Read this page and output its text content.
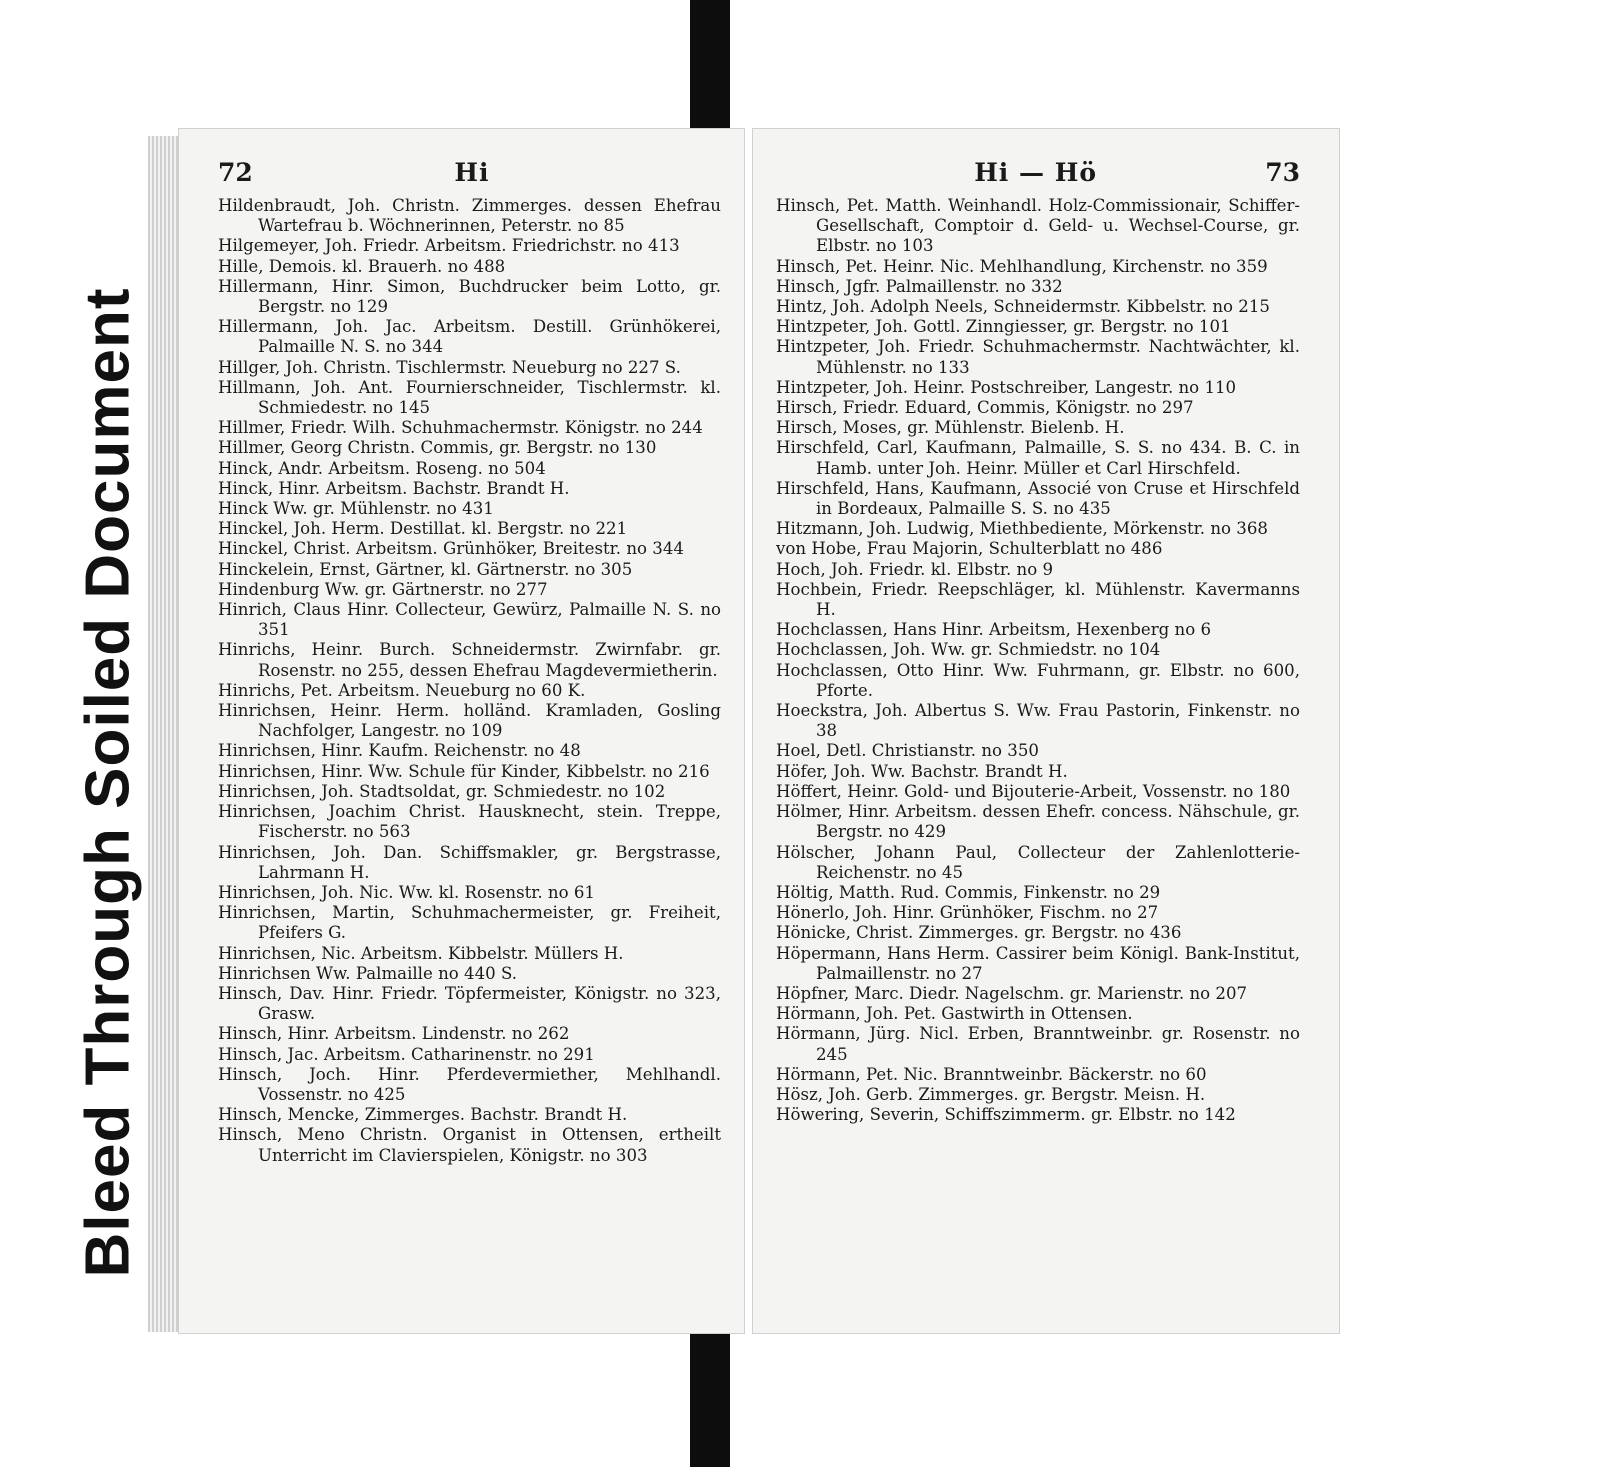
Bleed Through Soiled Document
72	Hi

Hildenbraudt, Joh. Christn. Zimmerges. dessen Ehefrau Wartefrau b. Wöchnerinnen, Peterstr. no 85

Hilgemeyer, Joh. Friedr. Arbeitsm. Friedrichstr. no 413

Hille, Demois. kl. Brauerh. no 488

Hillermann, Hinr. Simon, Buchdrucker beim Lotto, gr. Bergstr. no 129

Hillermann, Joh. Jac. Arbeitsm. Destill. Grünhökerei, Palmaille N. S. no 344

Hillger, Joh. Christn. Tischlermstr. Neueburg no 227 S.

Hillmann, Joh. Ant. Fournierschneider, Tischlermstr. kl. Schmiedestr. no 145

Hillmer, Friedr. Wilh. Schuhmachermstr. Königstr. no 244

Hillmer, Georg Christn. Commis, gr. Bergstr. no 130

Hinck, Andr. Arbeitsm. Roseng. no 504

Hinck, Hinr. Arbeitsm. Bachstr. Brandt H.

Hinck Ww. gr. Mühlenstr. no 431

Hinckel, Joh. Herm. Destillat. kl. Bergstr. no 221

Hinckel, Christ. Arbeitsm. Grünhöker, Breitestr. no 344

Hinckelein, Ernst, Gärtner, kl. Gärtnerstr. no 305

Hindenburg Ww. gr. Gärtnerstr. no 277

Hinrich, Claus Hinr. Collecteur, Gewürz, Palmaille N. S. no 351

Hinrichs, Heinr. Burch. Schneidermstr. Zwirnfabr. gr. Rosenstr. no 255, dessen Ehefrau Magdevermietherin.

Hinrichs, Pet. Arbeitsm. Neueburg no 60 K.

Hinrichsen, Heinr. Herm. holländ. Kramladen, Gosling Nachfolger, Langestr. no 109

Hinrichsen, Hinr. Kaufm. Reichenstr. no 48

Hinrichsen, Hinr. Ww. Schule für Kinder, Kibbelstr. no 216

Hinrichsen, Joh. Stadtsoldat, gr. Schmiedestr. no 102

Hinrichsen, Joachim Christ. Hausknecht, stein. Treppe, Fischerstr. no 563

Hinrichsen, Joh. Dan. Schiffsmakler, gr. Bergstrasse, Lahrmann H.

Hinrichsen, Joh. Nic. Ww. kl. Rosenstr. no 61

Hinrichsen, Martin, Schuhmachermeister, gr. Freiheit, Pfeifers G.

Hinrichsen, Nic. Arbeitsm. Kibbelstr. Müllers H.

Hinrichsen Ww. Palmaille no 440 S.

Hinsch, Dav. Hinr. Friedr. Töpfermeister, Königstr. no 323, Grasw.

Hinsch, Hinr. Arbeitsm. Lindenstr. no 262

Hinsch, Jac. Arbeitsm. Catharinenstr. no 291

Hinsch, Joch. Hinr. Pferdevermiether, Mehlhandl. Vossenstr. no 425

Hinsch, Mencke, Zimmerges. Bachstr. Brandt H.

Hinsch, Meno Christn. Organist in Ottensen, ertheilt Unterricht im Clavierspielen, Königstr. no 303

Hi — Hö	73

Hinsch, Pet. Matth. Weinhandl. Holz-Commissionair, Schiffer-Gesellschaft, Comptoir d. Geld- u. Wechsel-Course, gr. Elbstr. no 103

Hinsch, Pet. Heinr. Nic. Mehlhandlung, Kirchenstr. no 359

Hinsch, Jgfr. Palmaillenstr. no 332

Hintz, Joh. Adolph Neels, Schneidermstr. Kibbelstr. no 215

Hintzpeter, Joh. Gottl. Zinngiesser, gr. Bergstr. no 101

Hintzpeter, Joh. Friedr. Schuhmachermstr. Nachtwächter, kl. Mühlenstr. no 133

Hintzpeter, Joh. Heinr. Postschreiber, Langestr. no 110

Hirsch, Friedr. Eduard, Commis, Königstr. no 297

Hirsch, Moses, gr. Mühlenstr. Bielenb. H.

Hirschfeld, Carl, Kaufmann, Palmaille, S. S. no 434. B. C. in Hamb. unter Joh. Heinr. Müller et Carl Hirschfeld.

Hirschfeld, Hans, Kaufmann, Associé von Cruse et Hirschfeld in Bordeaux, Palmaille S. S. no 435

Hitzmann, Joh. Ludwig, Miethbediente, Mörkenstr. no 368

von Hobe, Frau Majorin, Schulterblatt no 486

Hoch, Joh. Friedr. kl. Elbstr. no 9

Hochbein, Friedr. Reepschläger, kl. Mühlenstr. Kavermanns H.

Hochclassen, Hans Hinr. Arbeitsm, Hexenberg no 6

Hochclassen, Joh. Ww. gr. Schmiedstr. no 104

Hochclassen, Otto Hinr. Ww. Fuhrmann, gr. Elbstr. no 600, Pforte.

Hoeckstra, Joh. Albertus S. Ww. Frau Pastorin, Finkenstr. no 38

Hoel, Detl. Christianstr. no 350

Höfer, Joh. Ww. Bachstr. Brandt H.

Höffert, Heinr. Gold- und Bijouterie-Arbeit, Vossenstr. no 180

Hölmer, Hinr. Arbeitsm. dessen Ehefr. concess. Nähschule, gr. Bergstr. no 429

Hölscher, Johann Paul, Collecteur der Zahlenlotterie-Reichenstr. no 45

Höltig, Matth. Rud. Commis, Finkenstr. no 29

Hönerlo, Joh. Hinr. Grünhöker, Fischm. no 27

Hönicke, Christ. Zimmerges. gr. Bergstr. no 436

Höpermann, Hans Herm. Cassirer beim Königl. Bank-Institut, Palmaillenstr. no 27

Höpfner, Marc. Diedr. Nagelschm. gr. Marienstr. no 207

Hörmann, Joh. Pet. Gastwirth in Ottensen.

Hörmann, Jürg. Nicl. Erben, Branntweinbr. gr. Rosenstr. no 245

Hörmann, Pet. Nic. Branntweinbr. Bäckerstr. no 60

Hösz, Joh. Gerb. Zimmerges. gr. Bergstr. Meisn. H.

Höwering, Severin, Schiffszimmerm. gr. Elbstr. no 142
